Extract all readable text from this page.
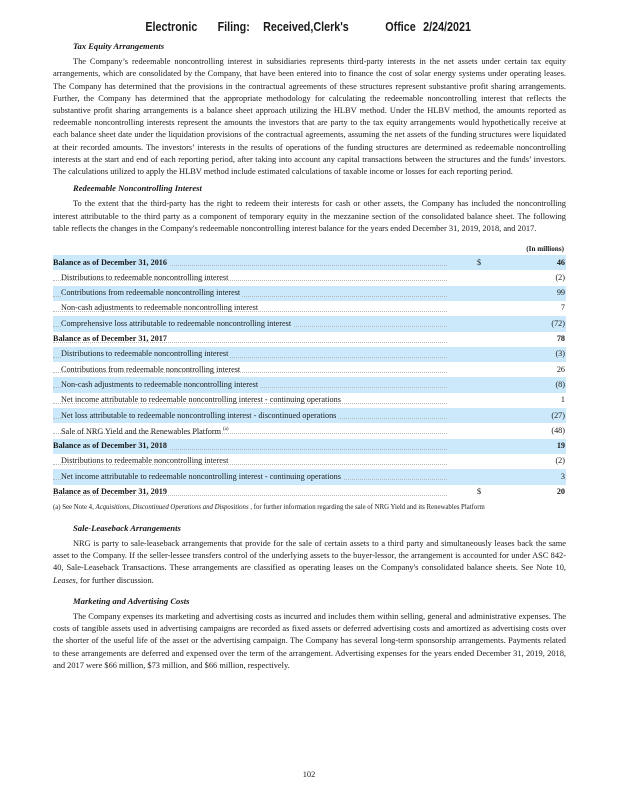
Electronic Filing: Received,Clerk's	Office 2/24/2021

Tax Equity Arrangements

The Company’s redeemable noncontrolling interest in subsidiaries represents third-party interests in the net assets under certain tax equity arrangements, which are consolidated by the Company, that have been entered into to finance the cost of solar energy systems under operating leases. The Company has determined that the provisions in the contractual agreements of these structures represent substantive profit sharing arrangements. Further, the Company has determined that the appropriate methodology for calculating the redeemable noncontrolling interest that reflects the substantive profit sharing arrangements is a balance sheet approach utilizing the HLBV method. Under the HLBV method, the amounts reported as redeemable noncontrolling interests represent the amounts the investors that are party to the tax equity arrangements would hypothetically receive at each balance sheet date under the liquidation provisions of the contractual agreements, assuming the net assets of the funding structures were liquidated at their recorded amounts. The investors’ interests in the results of operations of the funding structures are determined as redeemable noncontrolling interests at the start and end of each reporting period, after taking into account any capital transactions between the structures and the funds’ investors. The calculations utilized to apply the HLBV method include estimated calculations of taxable income or losses for each reporting period.

Redeemable Noncontrolling Interest

To the extent that the third-party has the right to redeem their interests for cash or other assets, the Company has included the noncontrolling interest attributable to the third party as a component of temporary equity in the mezzanine section of the consolidated balance sheet. The following table reflects the changes in the Company's redeemable noncontrolling interest balance for the years ended December 31, 2019, 2018, and 2017.

(In millions)
Balance as of December 31, 2016	$	46

Distributions to redeemable noncontrolling interest		(2)

Contributions from redeemable noncontrolling interest		99

Non-cash adjustments to redeemable noncontrolling interest		7

Comprehensive loss attributable to redeemable noncontrolling interest		(72)

Balance as of December 31, 2017		78

Distributions to redeemable noncontrolling interest		(3)

Contributions from redeemable noncontrolling interest		26

Non-cash adjustments to redeemable noncontrolling interest		(8)

Net income attributable to redeemable noncontrolling interest - continuing operations		1

Net loss attributable to redeemable noncontrolling interest - discontinued operations		(27)

Sale of NRG Yield and the Renewables Platform $^{(a)}$		(48)

Balance as of December 31, 2018		19

Distributions to redeemable noncontrolling interest		(2)

Net income attributable to redeemable noncontrolling interest - continuing operations		3

Balance as of December 31, 2019	$	20

(a) See Note 4, Acquisitions, Discontinued Operations and Dispositions , for further information regarding the sale of NRG Yield and its Renewables Platform

Sale-Leaseback Arrangements

NRG is party to sale-leaseback arrangements that provide for the sale of certain assets to a third party and simultaneously leases back the same asset to the Company. If the seller-lessee transfers control of the underlying assets to the buyer-lessor, the arrangement is accounted for under ASC 842-40, Sale-Leaseback Transactions. These arrangements are classified as operating leases on the Company's consolidated balance sheets. See Note 10, Leases, for further discussion.

Marketing and Advertising Costs

The Company expenses its marketing and advertising costs as incurred and includes them within selling, general and administrative expenses. The costs of tangible assets used in advertising campaigns are recorded as fixed assets or deferred advertising costs and amortized as advertising costs over the shorter of the useful life of the asset or the advertising campaign. The Company has several long-term sponsorship arrangements. Payments related to these arrangements are deferred and expensed over the term of the arrangement. Advertising expenses for the years ended December 31, 2019, 2018, and 2017 were $66 million, $73 million, and $66 million, respectively.

102
